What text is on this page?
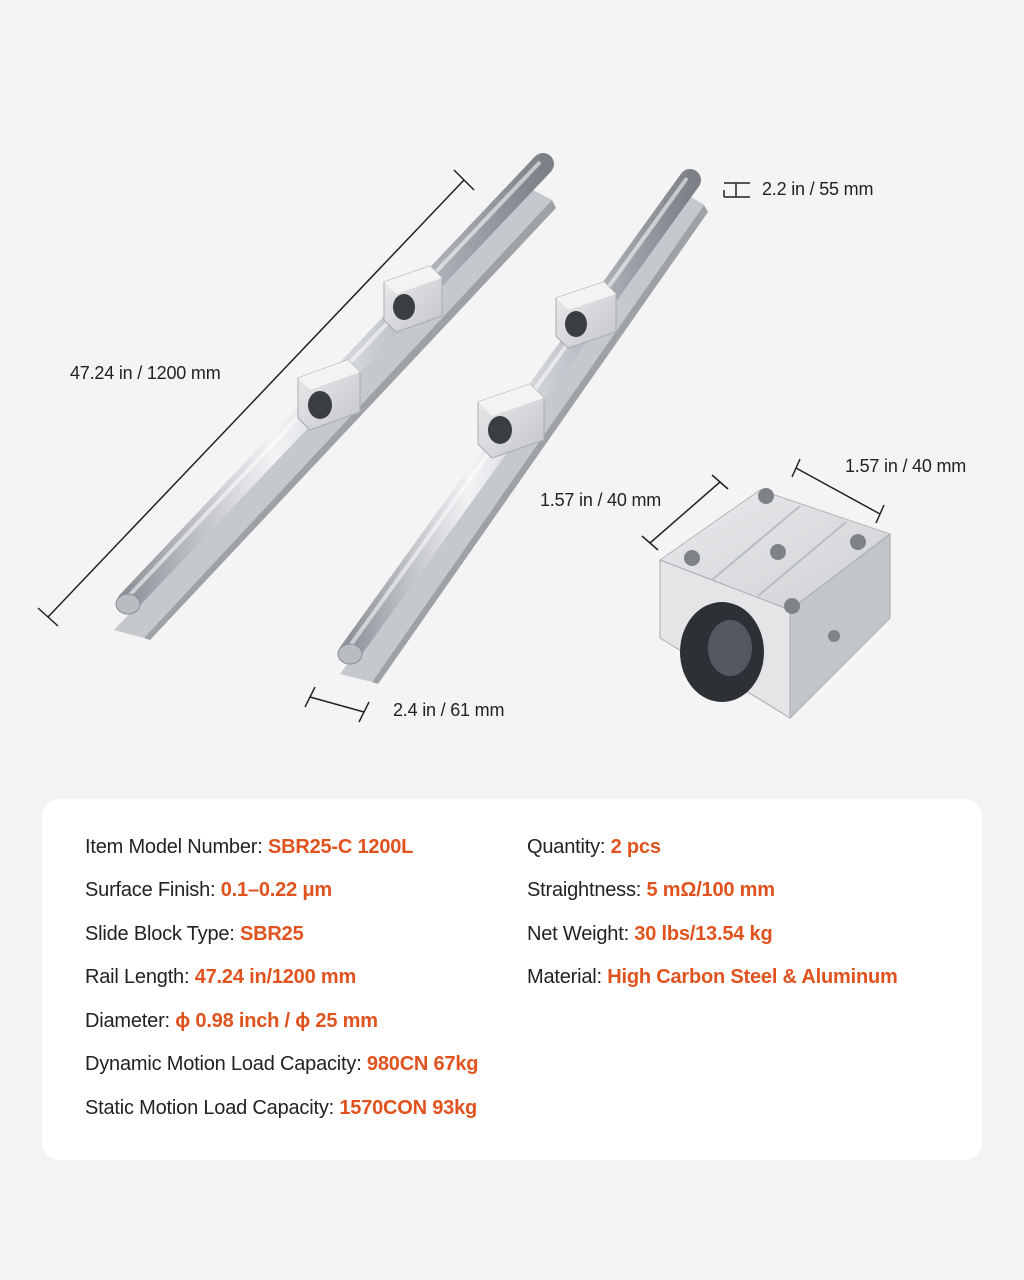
47.24 in / 1200 mm
2.2 in / 55 mm
2.4 in / 61 mm
1.57 in / 40 mm
1.57 in / 40 mm
Item Model Number: SBR25-C 1200L
Surface Finish: 0.1–0.22 μm
Slide Block Type: SBR25
Rail Length: 47.24 in/1200 mm
Diameter: ϕ 0.98 inch / ϕ 25 mm
Dynamic Motion Load Capacity: 980CN 67kg
Static Motion Load Capacity: 1570CON 93kg
Quantity: 2 pcs
Straightness: 5 mΩ/100 mm
Net Weight: 30 lbs/13.54 kg
Material: High Carbon Steel & Aluminum
